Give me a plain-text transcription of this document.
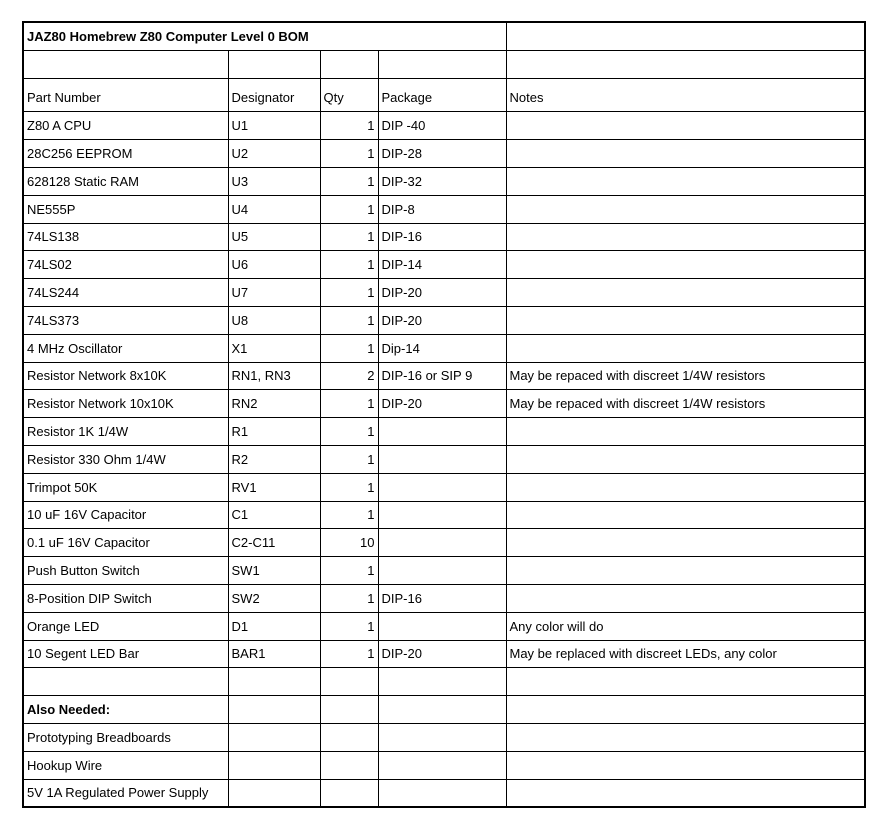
JAZ80 Homebrew Z80 Computer Level 0 BOM				

Part Number	Designator	Qty	Package	Notes
Z80 A CPU	U1	1	DIP -40	
28C256 EEPROM	U2	1	DIP-28	
628128 Static RAM	U3	1	DIP-32	
NE555P	U4	1	DIP-8	
74LS138	U5	1	DIP-16	
74LS02	U6	1	DIP-14	
74LS244	U7	1	DIP-20	
74LS373	U8	1	DIP-20	
4 MHz Oscillator	X1	1	Dip-14	
Resistor Network 8x10K	RN1, RN3	2	DIP-16 or SIP 9	May be repaced with discreet 1/4W resistors
Resistor Network 10x10K	RN2	1	DIP-20	May be repaced with discreet 1/4W resistors
Resistor 1K 1/4W	R1	1		
Resistor 330 Ohm 1/4W	R2	1		
Trimpot 50K	RV1	1		
10 uF 16V Capacitor	C1	1		
0.1 uF 16V Capacitor	C2-C11	10		
Push Button Switch	SW1	1		
8-Position DIP Switch	SW2	1	DIP-16	
Orange LED	D1	1		Any color will do
10 Segent LED Bar	BAR1	1	DIP-20	May be replaced with discreet LEDs, any color

Also Needed:				
Prototyping Breadboards				
Hookup Wire				
5V 1A Regulated Power Supply				
